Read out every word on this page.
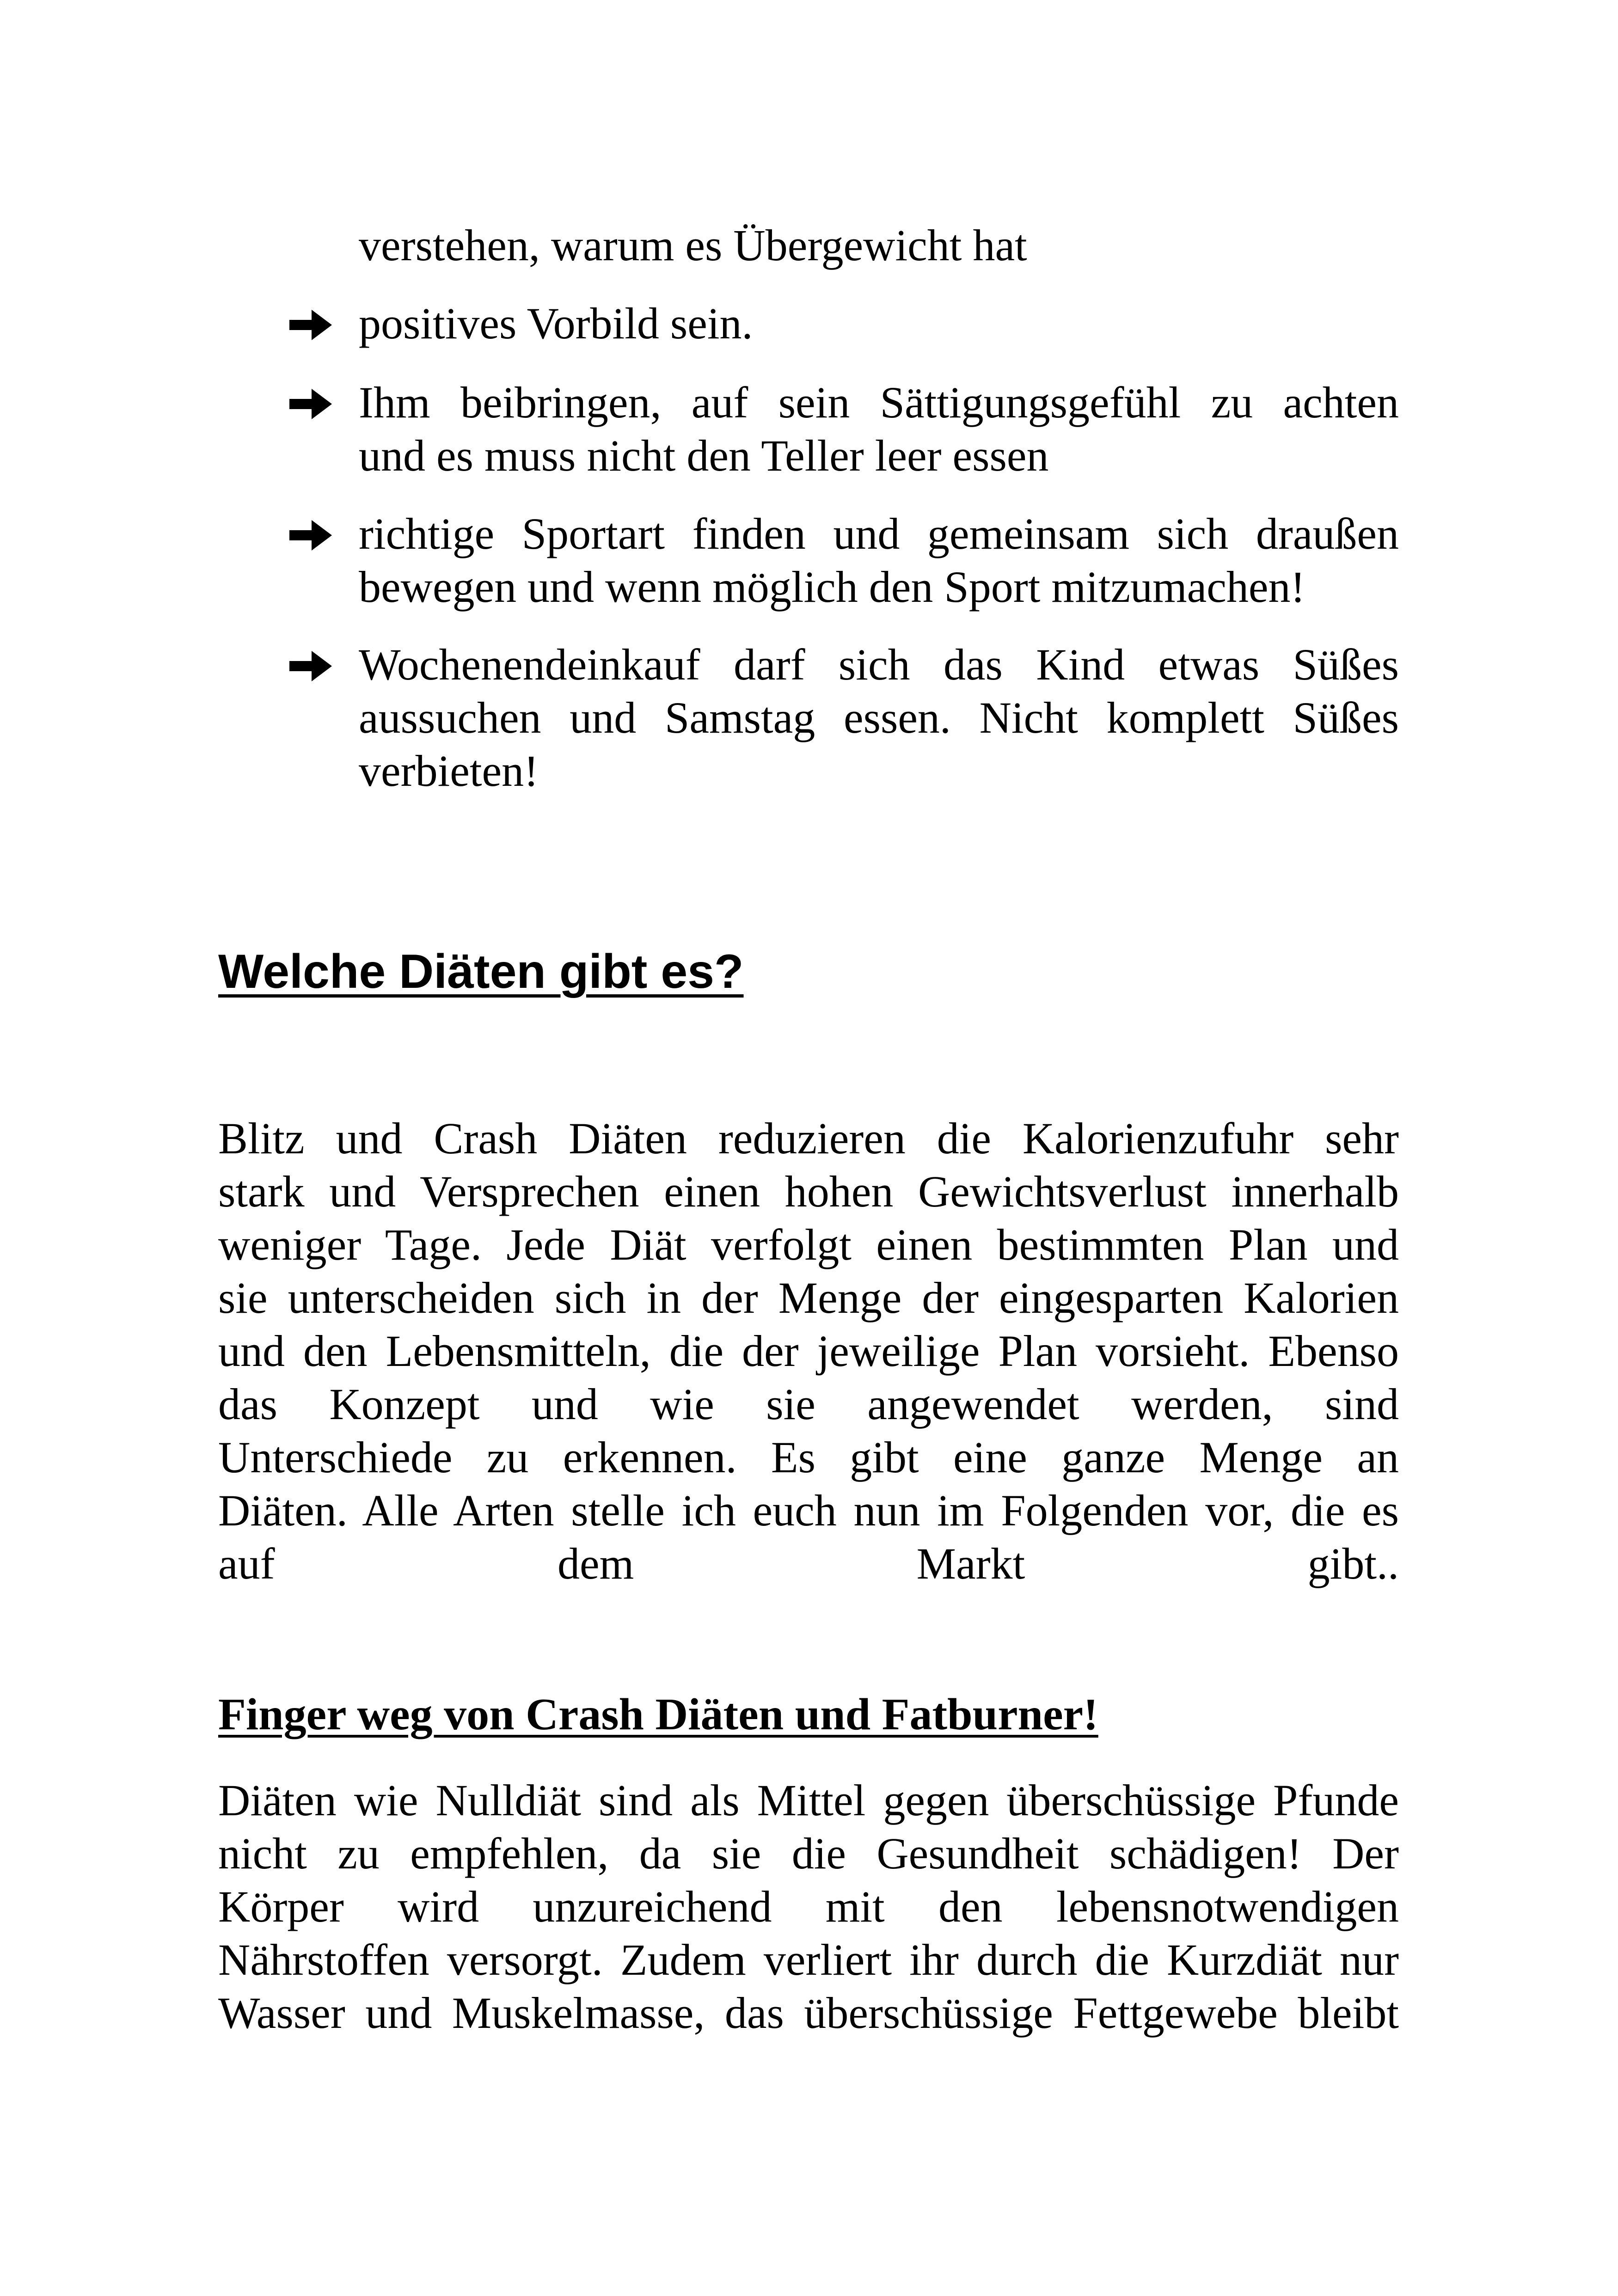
verstehen, warum es Übergewicht hat
positives Vorbild sein.
Ihm beibringen, auf sein Sättigungsgefühl zu achten
und es muss nicht den Teller leer essen
richtige Sportart finden und gemeinsam sich draußen
bewegen und wenn möglich den Sport mitzumachen!
Wochenendeinkauf darf sich das Kind etwas Süßes
aussuchen und Samstag essen. Nicht komplett Süßes
verbieten!
Welche Diäten gibt es?
Blitz und Crash Diäten reduzieren die Kalorienzufuhr sehr
stark und Versprechen einen hohen Gewichtsverlust innerhalb
weniger Tage. Jede Diät verfolgt einen bestimmten Plan und
sie unterscheiden sich in der Menge der eingesparten Kalorien
und den Lebensmitteln, die der jeweilige Plan vorsieht. Ebenso
das Konzept und wie sie angewendet werden, sind
Unterschiede zu erkennen. Es gibt eine ganze Menge an
Diäten. Alle Arten stelle ich euch nun im Folgenden vor, die es
auf dem Markt gibt..
Finger weg von Crash Diäten und Fatburner!
Diäten wie Nulldiät sind als Mittel gegen überschüssige Pfunde
nicht zu empfehlen, da sie die Gesundheit schädigen! Der
Körper wird unzureichend mit den lebensnotwendigen
Nährstoffen versorgt. Zudem verliert ihr durch die Kurzdiät nur
Wasser und Muskelmasse, das überschüssige Fettgewebe bleibt
